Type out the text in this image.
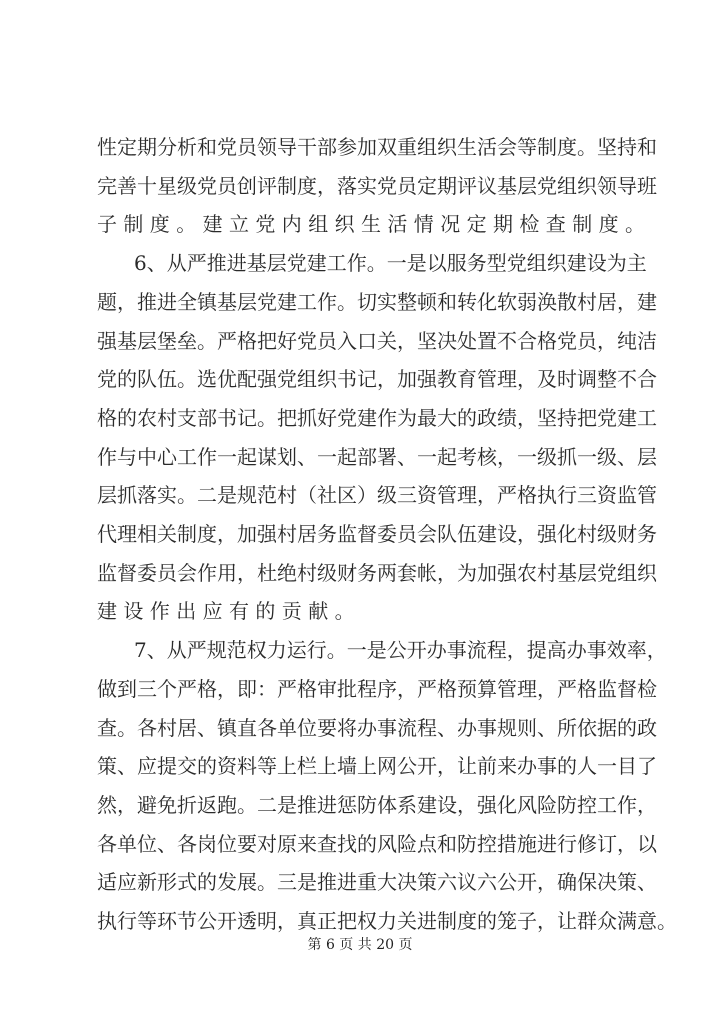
性定期分析和党员领导干部参加双重组织生活会等制度。坚持和
完善十星级党员创评制度，落实党员定期评议基层党组织领导班
子制度。建立党内组织生活情况定期检查制度。
6、从严推进基层党建工作。一是以服务型党组织建设为主
题，推进全镇基层党建工作。切实整顿和转化软弱涣散村居，建
强基层堡垒。严格把好党员入口关，坚决处置不合格党员，纯洁
党的队伍。选优配强党组织书记，加强教育管理，及时调整不合
格的农村支部书记。把抓好党建作为最大的政绩，坚持把党建工
作与中心工作一起谋划、一起部署、一起考核，一级抓一级、层
层抓落实。二是规范村（社区）级三资管理，严格执行三资监管
代理相关制度，加强村居务监督委员会队伍建设，强化村级财务
监督委员会作用，杜绝村级财务两套帐，为加强农村基层党组织
建设作出应有的贡献。
7、从严规范权力运行。一是公开办事流程，提高办事效率，
做到三个严格，即：严格审批程序，严格预算管理，严格监督检
查。各村居、镇直各单位要将办事流程、办事规则、所依据的政
策、应提交的资料等上栏上墙上网公开，让前来办事的人一目了
然，避免折返跑。二是推进惩防体系建设，强化风险防控工作，
各单位、各岗位要对原来查找的风险点和防控措施进行修订，以
适应新形式的发展。三是推进重大决策六议六公开，确保决策、
执行等环节公开透明，真正把权力关进制度的笼子，让群众满意。
第 6 页 共 20 页
